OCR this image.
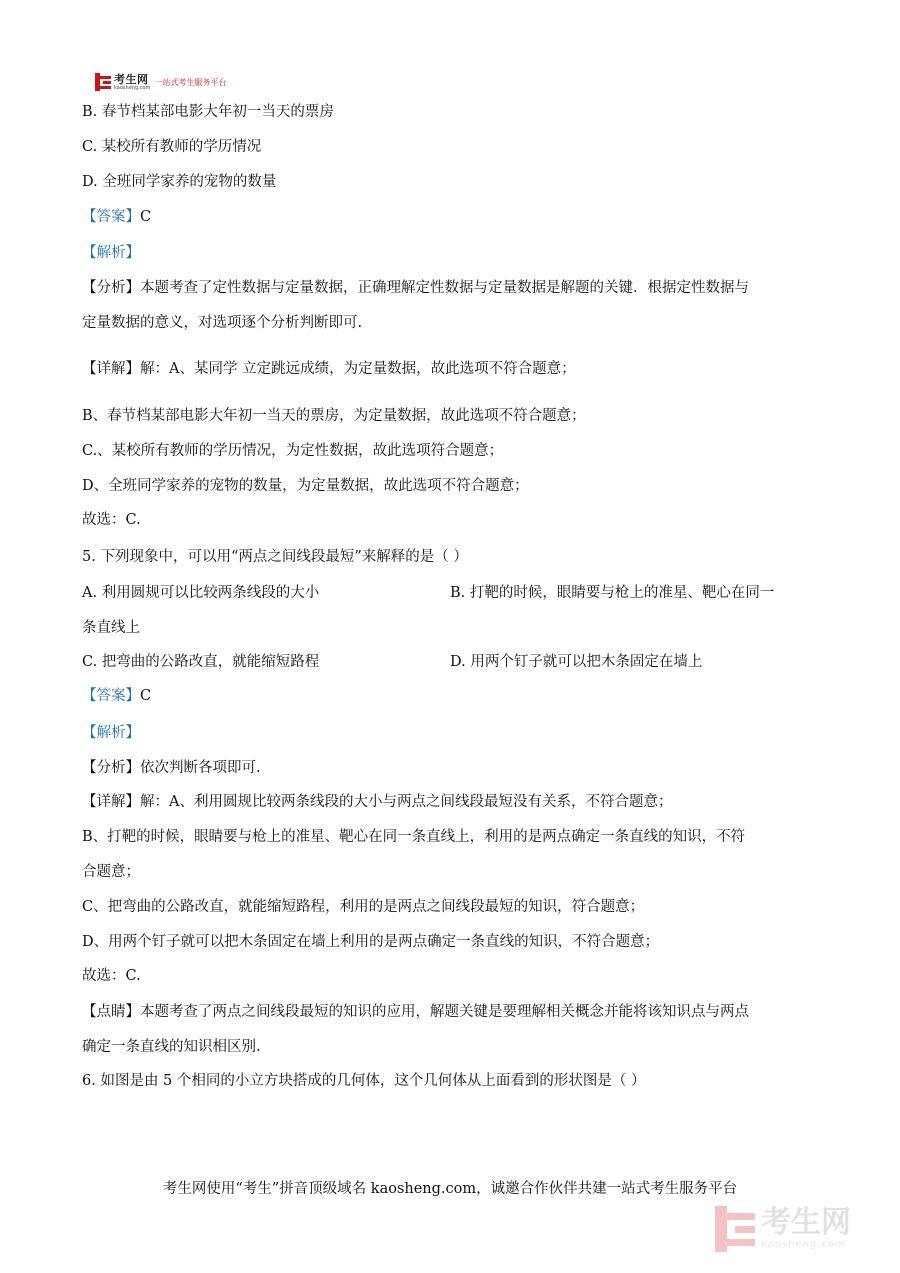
考生网
kaosheng.com
一站式考生服务平台
B. 春节档某部电影大年初一当天的票房
C. 某校所有教师的学历情况
D. 全班同学家养的宠物的数量
【答案】C
【解析】
【分析】本题考查了定性数据与定量数据，正确理解定性数据与定量数据是解题的关键．根据定性数据与
定量数据的意义，对选项逐个分析判断即可.
【详解】解：A、某同学 立定跳远成绩，为定量数据，故此选项不符合题意；
B、春节档某部电影大年初一当天的票房，为定量数据，故此选项不符合题意；
C.、某校所有教师的学历情况，为定性数据，故此选项符合题意；
D、全班同学家养的宠物的数量，为定量数据，故此选项不符合题意；
故选：C.
5. 下列现象中，可以用“两点之间线段最短”来解释的是（ ）
A. 利用圆规可以比较两条线段的大小	B. 打靶的时候，眼睛要与枪上的准星、靶心在同一
条直线上
C. 把弯曲的公路改直，就能缩短路程	D. 用两个钉子就可以把木条固定在墙上
【答案】C
【解析】
【分析】依次判断各项即可.
【详解】解：A、利用圆规比较两条线段的大小与两点之间线段最短没有关系，不符合题意；
B、打靶的时候，眼睛要与枪上的准星、靶心在同一条直线上，利用的是两点确定一条直线的知识，不符
合题意；
C、把弯曲的公路改直，就能缩短路程，利用的是两点之间线段最短的知识，符合题意；
D、用两个钉子就可以把木条固定在墙上利用的是两点确定一条直线的知识，不符合题意；
故选：C.
【点睛】本题考查了两点之间线段最短的知识的应用，解题关键是要理解相关概念并能将该知识点与两点
确定一条直线的知识相区别.
6. 如图是由 5 个相同的小立方块搭成的几何体，这个几何体从上面看到的形状图是（ ）
考生网使用“考生”拼音顶级域名 kaosheng.com，诚邀合作伙伴共建一站式考生服务平台
考生网
kaosheng.com
